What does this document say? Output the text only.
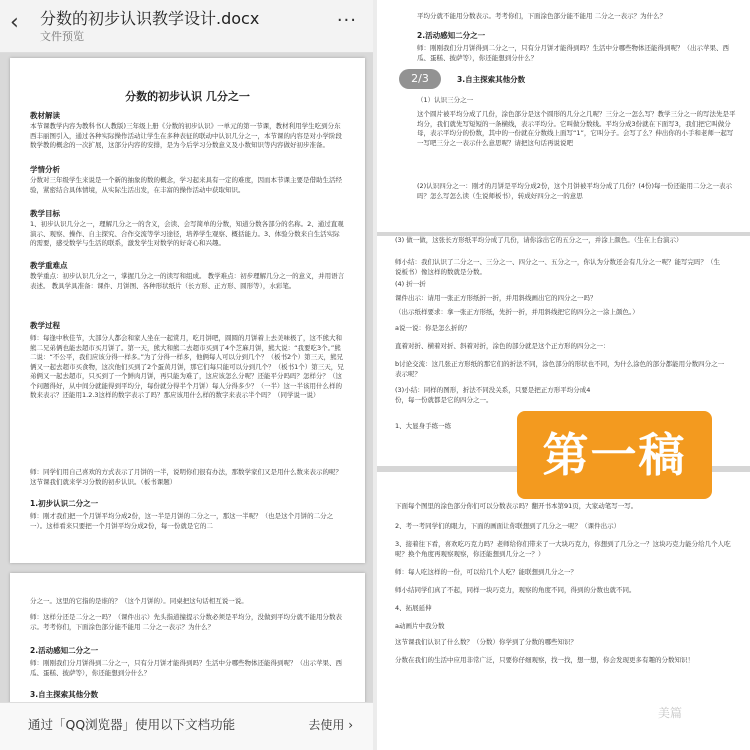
‹	分数的初步认识教学设计.docx
文件预览
···
分数的初步认识 几分之一
教材解读
本节课教学内容为教科书(人教版)三年级上册《分数的初步认识》一单元的第一节课，教材利用学生吃到分东西丰丽图引入，通过各种实际操作活动让学生在多种表征的联动中认识几分之一，本节课的内容是对小学阶段数学教的概念的一次扩展，这部分内容的安排，是为今后学习分数意义及小数知识等内容做好初步准备。
学情分析
分数对三年级学生来说是一个新的抽象的数的概念，学习起来具有一定的难度，因而本节课主要是借助生活经验，紧密结合具体情境，从实际生活出发，在丰富的操作活动中获取知识。
教学目标
1、初步认识几分之一，理解几分之一的含义，会读、会写简单的分数，知道分数各部分的名称。2、通过直观演示、观察、操作、自主探究、合作交流等学习途径，培养学生观察、概括能力。3、体验分数来自生活实际的需要，感受数学与生活的联系，激发学生对数学的好奇心和兴趣。
教学重难点
教学重点：初步认识几分之一，掌握几分之一的读写和组成。 教学难点：初步理解几分之一的意义，并用语言表述。 教具学具准备：课件、月饼图、各种形状纸片（长方形、正方形、圆形等），水彩笔。
教学过程
师：每逢中秋佳节，大部分人都会和家人坐在一起赏月，吃月饼吧，圆圆的月饼着上去美味极了，这不熊大和熊二兄弟俩也能去超市买月饼了。第一天，熊大和熊二去超市买到了4个芝麻月饼，熊大说：“我要吃3个。”熊二说：“不公平，我们应该分得一样多。”为了分得一样多，他俩每人可以分到几个？（板书2个）第三天，熊兄俩又一起去超市买食物，这次他们买到了2个蛋黄月饼，那它们每只能可以分到几个？（板书1个）第三天，兄弟俩又一起去超市，只买到了一个鲜肉月饼，再只能为难了，这应该怎么分呢？还能平分吗吗？怎样分？（这个问题得好，从中间分就能得到平均分，每份就分得半个月饼）每人分得多少？（一半）这一半该用什么样的数来表示？还能用1.2.3这样的数字表示了吗？那应该用什么样的数字来表示半个吗？（同学说一说）
师：同学们用自己喜欢的方式表示了月饼的一半，说明你们很有办法，那数学家们又是用什么数来表示的呢？这节课我们就来学习分数的初步认识。（板书课题）
1.初步认识二分之一
师：刚才我们把一个月饼平均分成2份，这一半是月饼的二分之一，那这一半呢？（也是这个月饼的二分之一）。这样看来只要把一个月饼平均分成2份，每一份就是它的二
分之一。这里的它指的是谁的？（这个月饼的）。同桌把这句话相互说一说。
师：这样分还是二分之一吗？（课件出示）先头指道撞提示分数必须是平均分，没做到平均分就不能用分数表示。考考你们，下面涂色部分能不能用 二分之一表示？为什么？
2.活动感知二分之一
师：刚刚我们分月饼得到二分之一，只有分月饼才能得到吗？生活中分哪些物体还能得到呢？（出示苹果、西瓜、蛋糕、披萨等），你还能想到分什么？
3.自主探索其他分数
通过「QQ浏览器」使用以下文档功能	去使用 ›
平均分就不能用分数表示。考考你们，下面涂色部分能不能用 二分之一表示？为什么？
2.活动感知二分之一
师：刚刚我们分月饼得到二分之一，只有分月饼才能得到吗？生活中分哪些物体还能得到呢？（出示苹果、西瓜、蛋糕、披萨等），你还能想到分什么？
3.自主探索其他分数
（1）认识三分之一
这个圆片被平均分成了几份，涂色部分是这个圆形的几分之几呢？三分之一怎么写？教学三分之一的写法先是平均分，我们就先写短短的一条横线，表示平均分。它叫做分数线。平均分成3份就在下面写3，我们把它叫做分母，表示平均分的份数，其中的一份就在分数线上面写“1”，它叫分子。会写了么？伸出你的小手和老师一起写一写吧三分之一表示什么意思呢？请把这句话再说说吧
(2)认识四分之一：刚才的月饼是平均分成2份，这个月饼被平均分成了几份？(4份)每一份还能用二分之一表示吗？怎么写怎么读（生说师板书），转成好四分之一的意思
(3) 做一做，这张长方形纸平均分成了几份，请你涂出它的五分之一，并涂上颜色。（生在上台演示）
师小结：我们认识了二分之一、三分之一、四分之一、五分之一，你认为分数还会有几分之一呢？能写完吗？（生说板书）像这样的数就是分数。
(4) 折一折
课件出示：请用一张正方形纸折一折，并用斜线画出它的四分之一吗？
（出示纸样要求：拿一张正方形纸，先折一折，并用斜线把它的四分之一涂上颜色。）
a说一说：你是怎么折的？
直着对折、横着对折、斜着对折，涂色的部分就是这个正方形的四分之一：
b讨论交流：这几张正方形纸的那它们的折法不同，涂色部分的形状也不同，为什么涂色的部分都能用分数四分之一表示呢？
(3)小结：同样的图形，折法不同没关系，只要是把正方形平均分成4份，每一份就都是它的四分之一。
1、大显身手练一练
下面每个图里的涂色部分你们可以分数表示吗？翻开书本第91页，大家动笔写一写。
2、考一考同学们的眼力，下面的画面让你联想到了几分之一呢？（课件出示）
3、接着往下看，喜欢吃巧克力吗？老师给你们带来了一大块巧克力，你想到了几分之一？这块巧克力能分给几个人吃呢？换个角度再观察观察，你还能想到几分之一？）
师：每人吃这样的一份，可以给几个人吃？能联想到几分之一？
师小结同学们真了不起，同样一块巧克力，观察的角度不同，得到的分数也就不同。
4、拓展延伸
a动画片中我分数
这节课我们认识了什么数？（分数）你学到了分数的哪些知识？
分数在我们的生活中应用非常广泛，只要你仔细观察，找一找，想一想，你会发现更多有趣的分数知识！
2/3
第一稿
美篇
